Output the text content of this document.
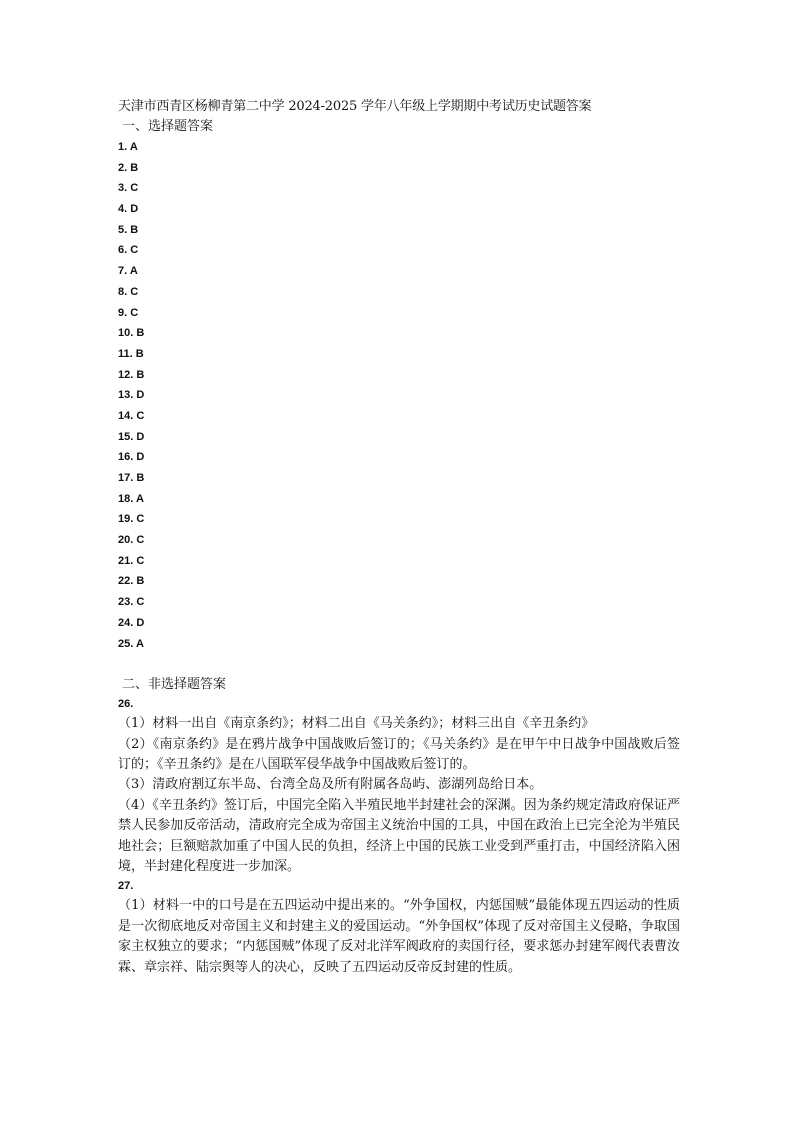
天津市西青区杨柳青第二中学 2024-2025 学年八年级上学期期中考试历史试题答案
一、选择题答案
1. A
2. B
3. C
4. D
5. B
6. C
7. A
8. C
9. C
10. B
11. B
12. B
13. D
14. C
15. D
16. D
17. B
18. A
19. C
20. C
21. C
22. B
23. C
24. D
25. A
二、非选择题答案
26.

（1）材料一出自《南京条约》；材料二出自《马关条约》；材料三出自《辛丑条约》

（2）《南京条约》是在鸦片战争中国战败后签订的；《马关条约》是在甲午中日战争中国战败后签订的；《辛丑条约》是在八国联军侵华战争中国战败后签订的。

（3）清政府割辽东半岛、台湾全岛及所有附属各岛屿、澎湖列岛给日本。

（4）《辛丑条约》签订后，中国完全陷入半殖民地半封建社会的深渊。因为条约规定清政府保证严禁人民参加反帝活动，清政府完全成为帝国主义统治中国的工具，中国在政治上已完全沦为半殖民地社会；巨额赔款加重了中国人民的负担，经济上中国的民族工业受到严重打击，中国经济陷入困境，半封建化程度进一步加深。

27.

（1）材料一中的口号是在五四运动中提出来的。“外争国权，内惩国贼”最能体现五四运动的性质是一次彻底地反对帝国主义和封建主义的爱国运动。“外争国权”体现了反对帝国主义侵略，争取国家主权独立的要求；“内惩国贼”体现了反对北洋军阀政府的卖国行径，要求惩办封建军阀代表曹汝霖、章宗祥、陆宗舆等人的决心，反映了五四运动反帝反封建的性质。
